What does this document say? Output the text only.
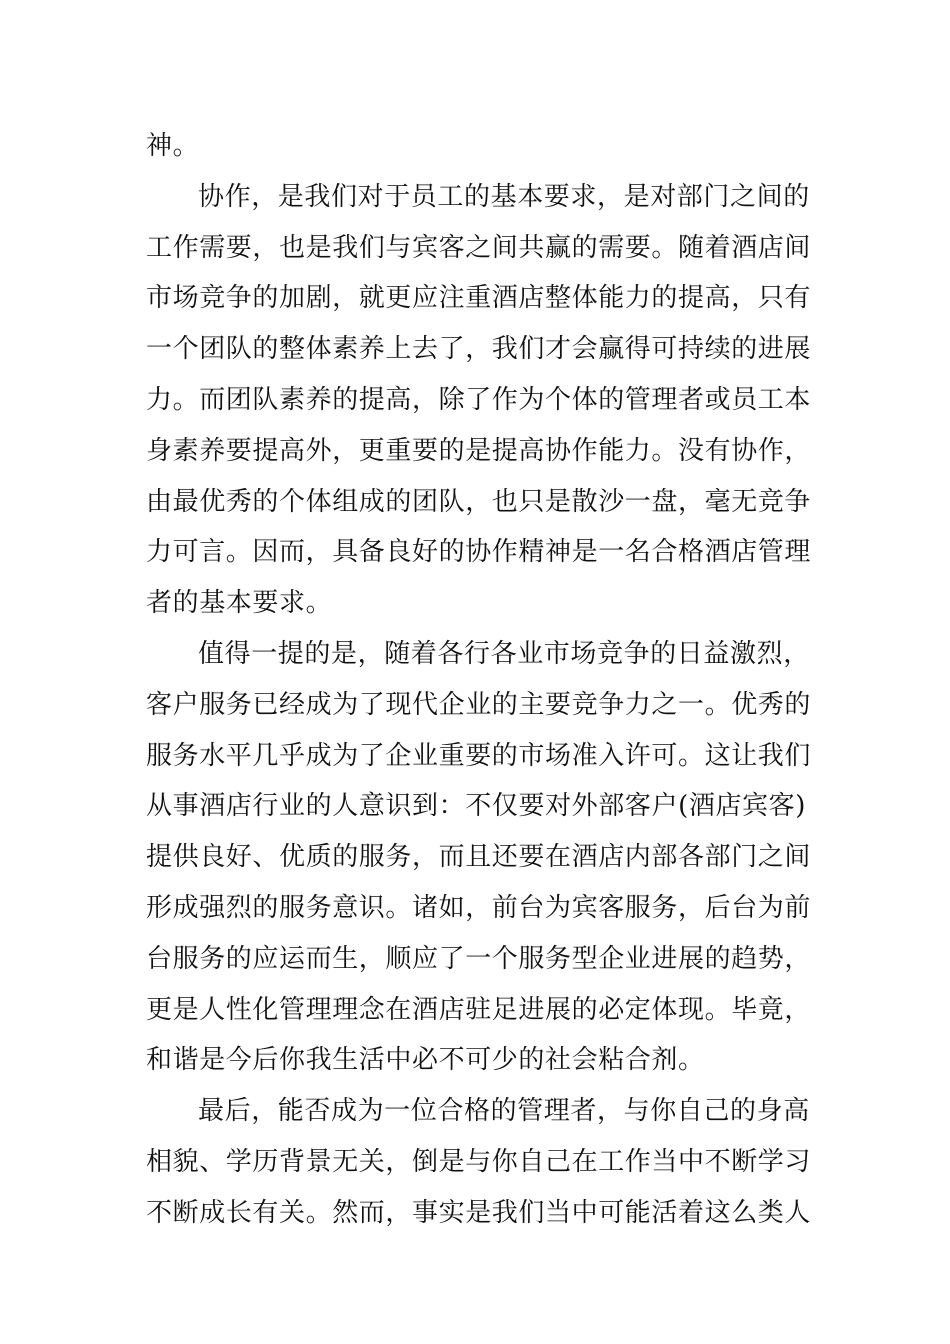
神。
协作，是我们对于员工的基本要求，是对部门之间的
工作需要，也是我们与宾客之间共赢的需要。随着酒店间
市场竞争的加剧，就更应注重酒店整体能力的提高，只有
一个团队的整体素养上去了，我们才会赢得可持续的进展
力。而团队素养的提高，除了作为个体的管理者或员工本
身素养要提高外，更重要的是提高协作能力。没有协作，
由最优秀的个体组成的团队，也只是散沙一盘，毫无竞争
力可言。因而，具备良好的协作精神是一名合格酒店管理
者的基本要求。
值得一提的是，随着各行各业市场竞争的日益激烈，
客户服务已经成为了现代企业的主要竞争力之一。优秀的
服务水平几乎成为了企业重要的市场准入许可。这让我们
从事酒店行业的人意识到：不仅要对外部客户(酒店宾客)
提供良好、优质的服务，而且还要在酒店内部各部门之间
形成强烈的服务意识。诸如，前台为宾客服务，后台为前
台服务的应运而生，顺应了一个服务型企业进展的趋势，
更是人性化管理理念在酒店驻足进展的必定体现。毕竟，
和谐是今后你我生活中必不可少的社会粘合剂。
最后，能否成为一位合格的管理者，与你自己的身高
相貌、学历背景无关，倒是与你自己在工作当中不断学习
不断成长有关。然而，事实是我们当中可能活着这么类人
